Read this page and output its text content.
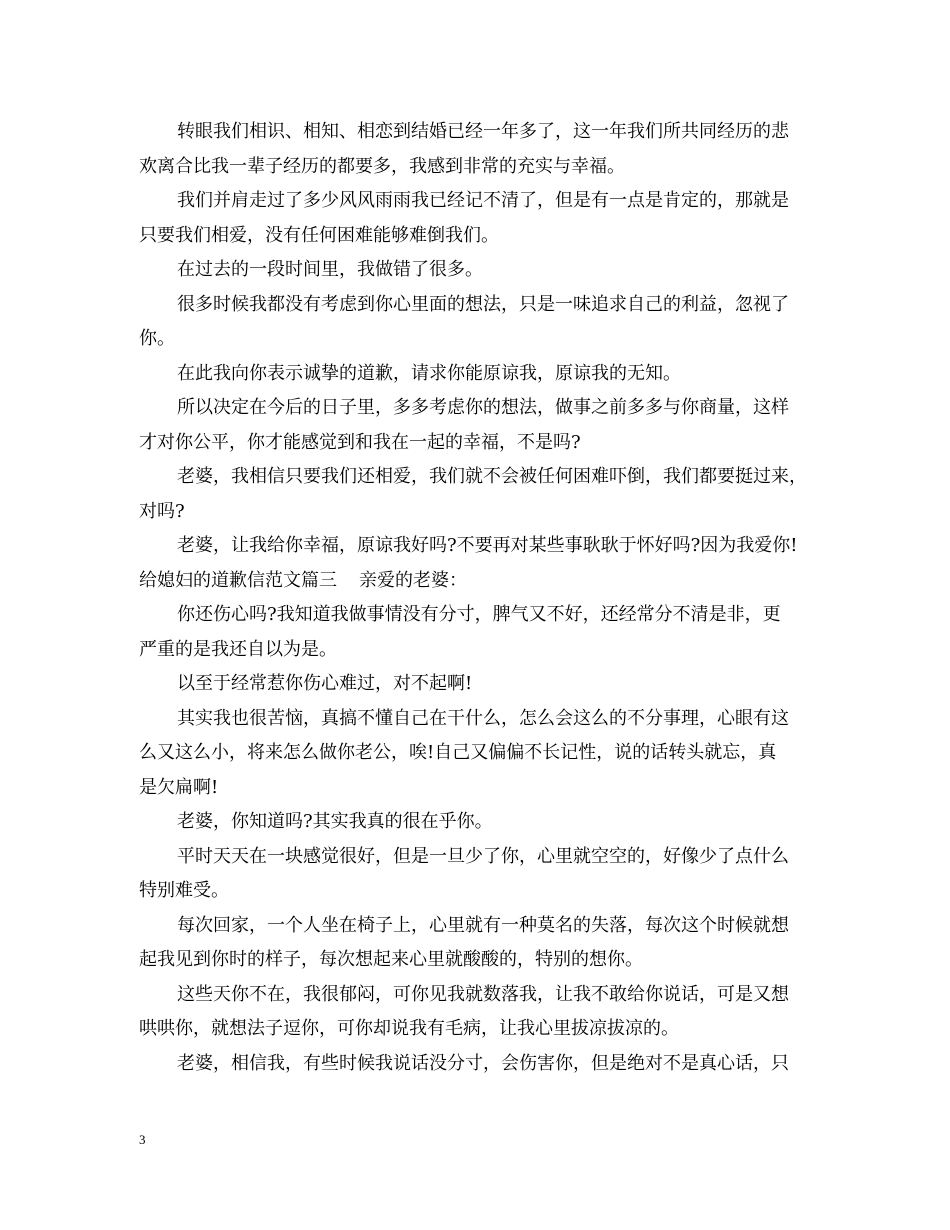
转眼我们相识、相知、相恋到结婚已经一年多了，这一年我们所共同经历的悲
欢离合比我一辈子经历的都要多，我感到非常的充实与幸福。
我们并肩走过了多少风风雨雨我已经记不清了，但是有一点是肯定的，那就是
只要我们相爱，没有任何困难能够难倒我们。
在过去的一段时间里，我做错了很多。
很多时候我都没有考虑到你心里面的想法，只是一味追求自己的利益，忽视了
你。
在此我向你表示诚挚的道歉，请求你能原谅我，原谅我的无知。
所以决定在今后的日子里，多多考虑你的想法，做事之前多多与你商量，这样
才对你公平，你才能感觉到和我在一起的幸福，不是吗?
老婆，我相信只要我们还相爱，我们就不会被任何困难吓倒，我们都要挺过来，
对吗?
老婆，让我给你幸福，原谅我好吗?不要再对某些事耿耿于怀好吗?因为我爱你!
给媳妇的道歉信范文篇三 亲爱的老婆：
你还伤心吗?我知道我做事情没有分寸，脾气又不好，还经常分不清是非，更
严重的是我还自以为是。
以至于经常惹你伤心难过，对不起啊!
其实我也很苦恼，真搞不懂自己在干什么，怎么会这么的不分事理，心眼有这
么又这么小，将来怎么做你老公，唉!自己又偏偏不长记性，说的话转头就忘，真
是欠扁啊!
老婆，你知道吗?其实我真的很在乎你。
平时天天在一块感觉很好，但是一旦少了你，心里就空空的，好像少了点什么
特别难受。
每次回家，一个人坐在椅子上，心里就有一种莫名的失落，每次这个时候就想
起我见到你时的样子，每次想起来心里就酸酸的，特别的想你。
这些天你不在，我很郁闷，可你见我就数落我，让我不敢给你说话，可是又想
哄哄你，就想法子逗你，可你却说我有毛病，让我心里拔凉拔凉的。
老婆，相信我，有些时候我说话没分寸，会伤害你，但是绝对不是真心话，只
3
